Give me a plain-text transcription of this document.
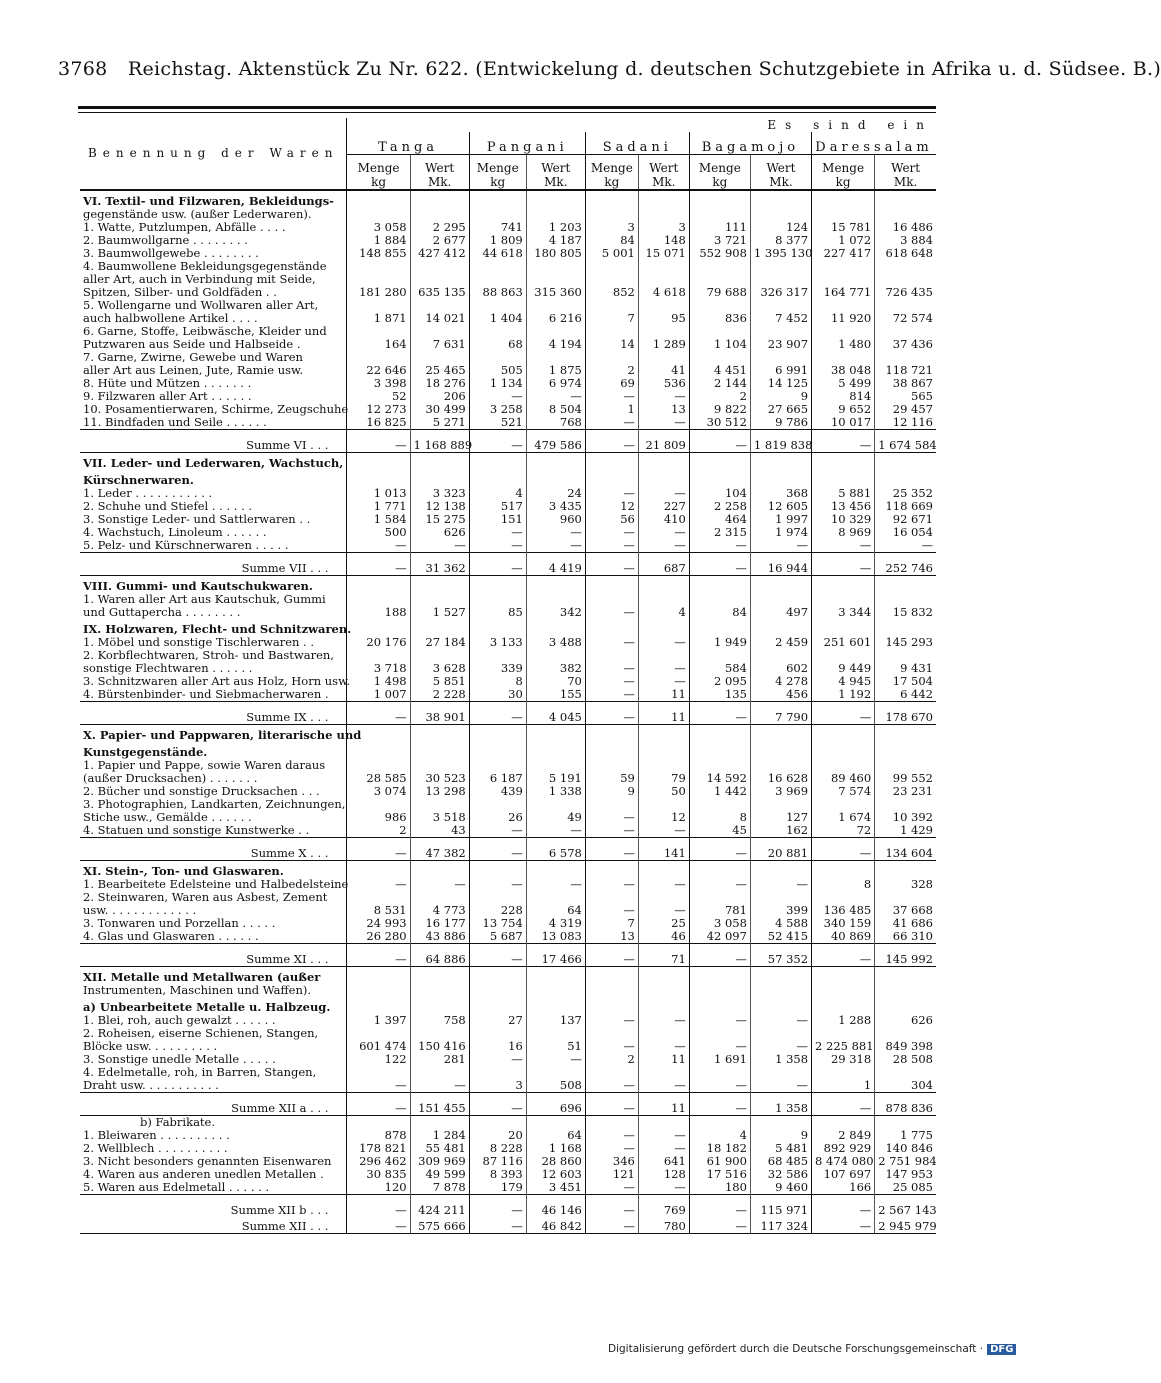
3768 Reichstag. Aktenstück Zu Nr. 622. (Entwickelung d. deutschen Schutzgebiete in Afrika u. d. Südsee. B.)
Benennung der Waren	Es sind ein									
	Tanga		Pangani		Sadani		Bagamojo		Daressalam	
	Menge kg	Wert Mk.	Menge kg	Wert Mk.	Menge kg	Wert Mk.	Menge kg	Wert Mk.	Menge kg	Wert Mk.
VI. Textil- und Filzwaren, Bekleidungs-										
gegenstände usw. (außer Lederwaren).										
1. Watte, Putzlumpen, Abfälle . . . .	3 058	2 295	741	1 203	3	3	111	124	15 781	16 486
2. Baumwollgarne . . . . . . . .	1 884	2 677	1 809	4 187	84	148	3 721	8 377	1 072	3 884
3. Baumwollgewebe . . . . . . . .	148 855	427 412	44 618	180 805	5 001	15 071	552 908	1 395 130	227 417	618 648
4. Baumwollene Bekleidungsgegenstände										
aller Art, auch in Verbindung mit Seide,										
Spitzen, Silber- und Goldfäden . .	181 280	635 135	88 863	315 360	852	4 618	79 688	326 317	164 771	726 435
5. Wollengarne und Wollwaren aller Art,										
auch halbwollene Artikel . . . .	1 871	14 021	1 404	6 216	7	95	836	7 452	11 920	72 574
6. Garne, Stoffe, Leibwäsche, Kleider und										
Putzwaren aus Seide und Halbseide .	164	7 631	68	4 194	14	1 289	1 104	23 907	1 480	37 436
7. Garne, Zwirne, Gewebe und Waren										
aller Art aus Leinen, Jute, Ramie usw.	22 646	25 465	505	1 875	2	41	4 451	6 991	38 048	118 721
8. Hüte und Mützen . . . . . . .	3 398	18 276	1 134	6 974	69	536	2 144	14 125	5 499	38 867
9. Filzwaren aller Art . . . . . .	52	206	—	—	—	—	2	9	814	565
10. Posamentierwaren, Schirme, Zeugschuhe	12 273	30 499	3 258	8 504	1	13	9 822	27 665	9 652	29 457
11. Bindfaden und Seile . . . . . .	16 825	5 271	521	768	—	—	30 512	9 786	10 017	12 116
Summe VI . . .	—	1 168 889	—	479 586	—	21 809	—	1 819 838	—	1 674 584
VII. Leder- und Lederwaren, Wachstuch,										
Kürschnerwaren.										
1. Leder . . . . . . . . . . .	1 013	3 323	4	24	—	—	104	368	5 881	25 352
2. Schuhe und Stiefel . . . . . .	1 771	12 138	517	3 435	12	227	2 258	12 605	13 456	118 669
3. Sonstige Leder- und Sattlerwaren . .	1 584	15 275	151	960	56	410	464	1 997	10 329	92 671
4. Wachstuch, Linoleum . . . . . .	500	626	—	—	—	—	2 315	1 974	8 969	16 054
5. Pelz- und Kürschnerwaren . . . . .	—	—	—	—	—	—	—	—	—	—
Summe VII . . .	—	31 362	—	4 419	—	687	—	16 944	—	252 746
VIII. Gummi- und Kautschukwaren.										
1. Waren aller Art aus Kautschuk, Gummi										
und Guttapercha . . . . . . . .	188	1 527	85	342	—	4	84	497	3 344	15 832
IX. Holzwaren, Flecht- und Schnitzwaren.										
1. Möbel und sonstige Tischlerwaren . .	20 176	27 184	3 133	3 488	—	—	1 949	2 459	251 601	145 293
2. Korbflechtwaren, Stroh- und Bastwaren,										
sonstige Flechtwaren . . . . . .	3 718	3 628	339	382	—	—	584	602	9 449	9 431
3. Schnitzwaren aller Art aus Holz, Horn usw.	1 498	5 851	8	70	—	—	2 095	4 278	4 945	17 504
4. Bürstenbinder- und Siebmacherwaren .	1 007	2 228	30	155	—	11	135	456	1 192	6 442
Summe IX . . .	—	38 901	—	4 045	—	11	—	7 790	—	178 670
X. Papier- und Pappwaren, literarische und										
Kunstgegenstände.										
1. Papier und Pappe, sowie Waren daraus										
(außer Drucksachen) . . . . . . .	28 585	30 523	6 187	5 191	59	79	14 592	16 628	89 460	99 552
2. Bücher und sonstige Drucksachen . . .	3 074	13 298	439	1 338	9	50	1 442	3 969	7 574	23 231
3. Photographien, Landkarten, Zeichnungen,										
Stiche usw., Gemälde . . . . . .	986	3 518	26	49	—	12	8	127	1 674	10 392
4. Statuen und sonstige Kunstwerke . .	2	43	—	—	—	—	45	162	72	1 429
Summe X . . .	—	47 382	—	6 578	—	141	—	20 881	—	134 604
XI. Stein-, Ton- und Glaswaren.										
1. Bearbeitete Edelsteine und Halbedelsteine	—	—	—	—	—	—	—	—	8	328
2. Steinwaren, Waren aus Asbest, Zement										
usw. . . . . . . . . . . . .	8 531	4 773	228	64	—	—	781	399	136 485	37 668
3. Tonwaren und Porzellan . . . . .	24 993	16 177	13 754	4 319	7	25	3 058	4 588	340 159	41 686
4. Glas und Glaswaren . . . . . .	26 280	43 886	5 687	13 083	13	46	42 097	52 415	40 869	66 310
Summe XI . . .	—	64 886	—	17 466	—	71	—	57 352	—	145 992
XII. Metalle und Metallwaren (außer										
Instrumenten, Maschinen und Waffen).										
a) Unbearbeitete Metalle u. Halbzeug.										
1. Blei, roh, auch gewalzt . . . . . .	1 397	758	27	137	—	—	—	—	1 288	626
2. Roheisen, eiserne Schienen, Stangen,										
Blöcke usw. . . . . . . . . .	601 474	150 416	16	51	—	—	—	—	2 225 881	849 398
3. Sonstige unedle Metalle . . . . .	122	281	—	—	2	11	1 691	1 358	29 318	28 508
4. Edelmetalle, roh, in Barren, Stangen,										
Draht usw. . . . . . . . . . .	—	—	3	508	—	—	—	—	1	304
Summe XII a . . .	—	151 455	—	696	—	11	—	1 358	—	878 836
b) Fabrikate.										
1. Bleiwaren . . . . . . . . . .	878	1 284	20	64	—	—	4	9	2 849	1 775
2. Wellblech . . . . . . . . . .	178 821	55 481	8 228	1 168	—	—	18 182	5 481	892 929	140 846
3. Nicht besonders genannten Eisenwaren	296 462	309 969	87 116	28 860	346	641	61 900	68 485	8 474 080	2 751 984
4. Waren aus anderen unedlen Metallen .	30 835	49 599	8 393	12 603	121	128	17 516	32 586	107 697	147 953
5. Waren aus Edelmetall . . . . . .	120	7 878	179	3 451	—	—	180	9 460	166	25 085
Summe XII b . . .	—	424 211	—	46 146	—	769	—	115 971	—	2 567 143
Summe XII . . .	—	575 666	—	46 842	—	780	—	117 324	—	2 945 979
Digitalisierung gefördert durch die Deutsche Forschungsgemeinschaft · DFG
